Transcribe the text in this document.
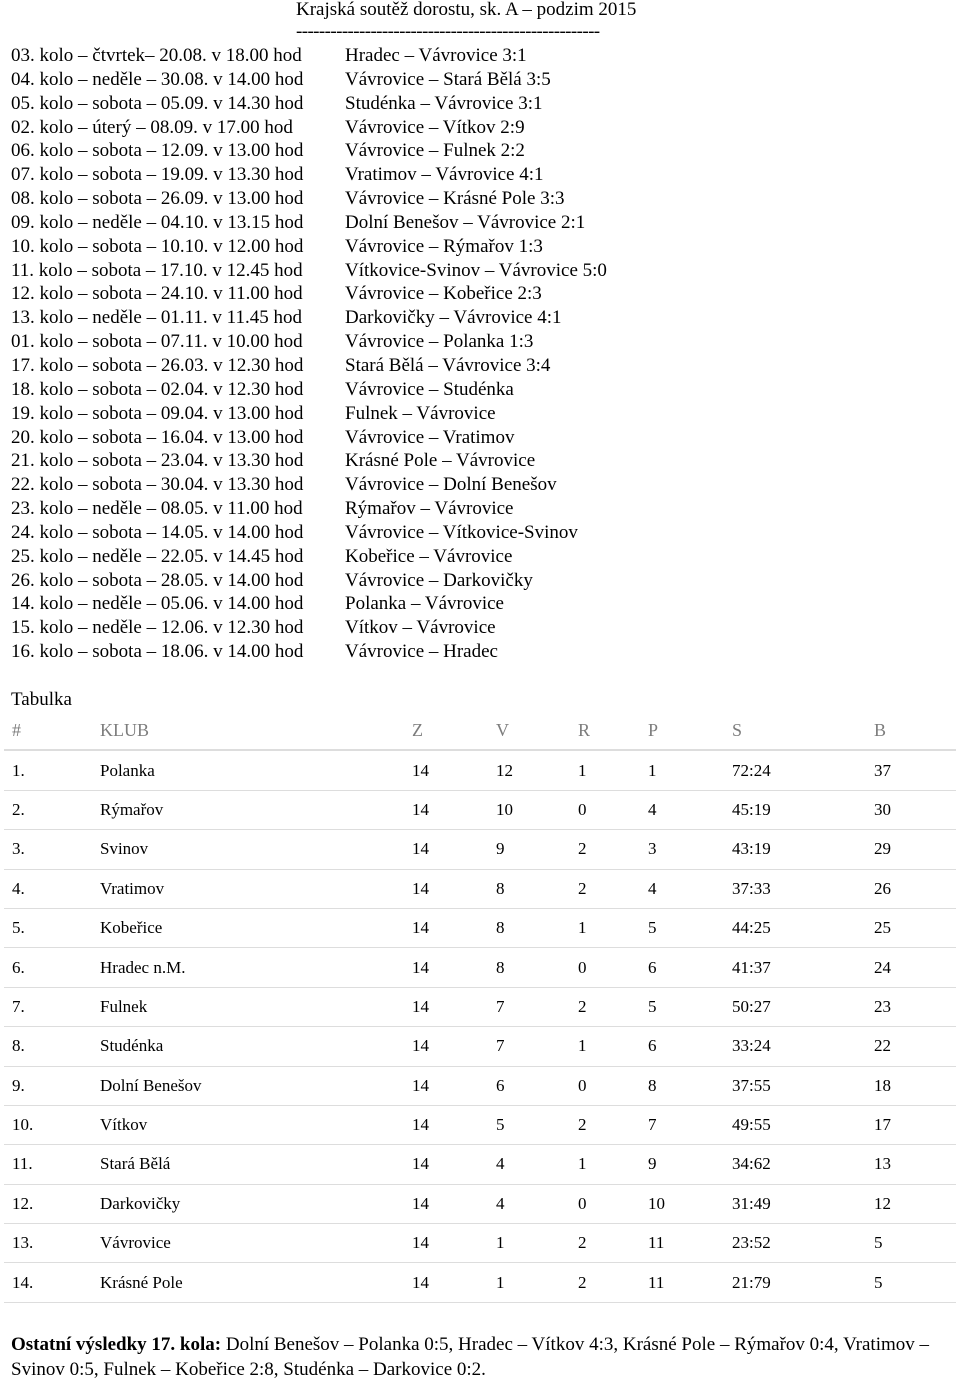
Krajská soutěž dorostu, sk. A – podzim 2015
-----------------------------------------------------
03. kolo – čtvrtek– 20.08. v 18.00 hod Hradec – Vávrovice 3:1
04. kolo – neděle – 30.08. v 14.00 hod Vávrovice – Stará Bělá 3:5
05. kolo – sobota – 05.09. v 14.30 hod Studénka – Vávrovice 3:1
02. kolo – úterý – 08.09. v 17.00 hod	Vávrovice – Vítkov 2:9
06. kolo – sobota – 12.09. v 13.00 hod Vávrovice – Fulnek 2:2
07. kolo – sobota – 19.09. v 13.30 hod Vratimov – Vávrovice 4:1
08. kolo – sobota – 26.09. v 13.00 hod Vávrovice – Krásné Pole 3:3
09. kolo – neděle – 04.10. v 13.15 hod Dolní Benešov – Vávrovice 2:1
10. kolo – sobota – 10.10. v 12.00 hod Vávrovice – Rýmařov 1:3
11. kolo – sobota – 17.10. v 12.45 hod Vítkovice-Svinov – Vávrovice 5:0
12. kolo – sobota – 24.10. v 11.00 hod Vávrovice – Kobeřice 2:3
13. kolo – neděle – 01.11. v 11.45 hod Darkovičky – Vávrovice 4:1
01. kolo – sobota – 07.11. v 10.00 hod Vávrovice – Polanka 1:3
17. kolo – sobota – 26.03. v 12.30 hod Stará Bělá – Vávrovice 3:4
18. kolo – sobota – 02.04. v 12.30 hod Vávrovice – Studénka
19. kolo – sobota – 09.04. v 13.00 hod Fulnek – Vávrovice
20. kolo – sobota – 16.04. v 13.00 hod Vávrovice – Vratimov
21. kolo – sobota – 23.04. v 13.30 hod Krásné Pole – Vávrovice
22. kolo – sobota – 30.04. v 13.30 hod Vávrovice – Dolní Benešov
23. kolo – neděle – 08.05. v 11.00 hod Rýmařov – Vávrovice
24. kolo – sobota – 14.05. v 14.00 hod Vávrovice – Vítkovice-Svinov
25. kolo – neděle – 22.05. v 14.45 hod Kobeřice – Vávrovice
26. kolo – sobota – 28.05. v 14.00 hod Vávrovice – Darkovičky
14. kolo – neděle – 05.06. v 14.00 hod Polanka – Vávrovice
15. kolo – neděle – 12.06. v 12.30 hod Vítkov – Vávrovice
16. kolo – sobota – 18.06. v 14.00 hod Vávrovice – Hradec
Tabulka
#	KLUB	Z	V	R	P	S	B
1.	Polanka	14	12	1	1	72:24	37
2.	Rýmařov	14	10	0	4	45:19	30
3.	Svinov	14	9	2	3	43:19	29
4.	Vratimov	14	8	2	4	37:33	26
5.	Kobeřice	14	8	1	5	44:25	25
6.	Hradec n.M.	14	8	0	6	41:37	24
7.	Fulnek	14	7	2	5	50:27	23
8.	Studénka	14	7	1	6	33:24	22
9.	Dolní Benešov	14	6	0	8	37:55	18
10.	Vítkov	14	5	2	7	49:55	17
11.	Stará Bělá	14	4	1	9	34:62	13
12.	Darkovičky	14	4	0	10	31:49	12
13.	Vávrovice	14	1	2	11	23:52	5
14.	Krásné Pole	14	1	2	11	21:79	5
Ostatní výsledky 17. kola: Dolní Benešov – Polanka 0:5, Hradec – Vítkov 4:3, Krásné Pole – Rýmařov 0:4, Vratimov – Svinov 0:5, Fulnek – Kobeřice 2:8, Studénka – Darkovice 0:2.
